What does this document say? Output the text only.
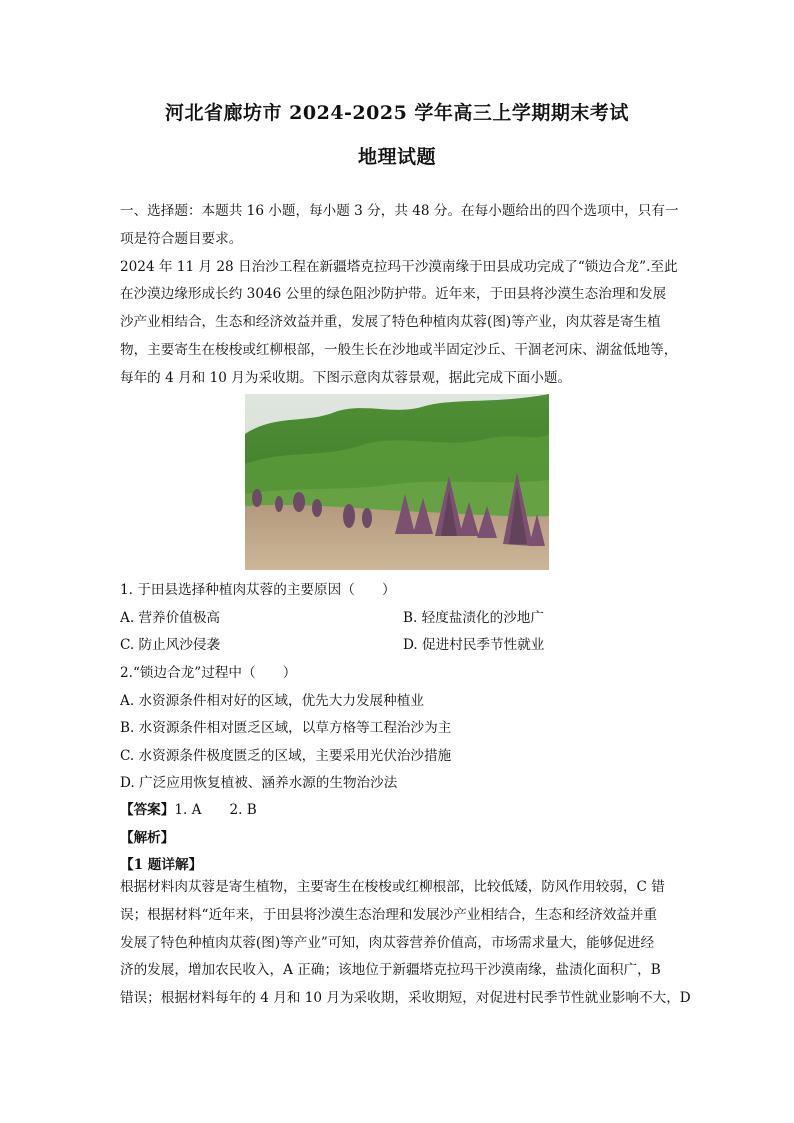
河北省廊坊市 2024-2025 学年高三上学期期末考试
地理试题

一、选择题：本题共 16 小题，每小题 3 分，共 48 分。在每小题给出的四个选项中，只有一

项是符合题目要求。

2024 年 11 月 28 日治沙工程在新疆塔克拉玛干沙漠南缘于田县成功完成了“锁边合龙”.至此

在沙漠边缘形成长约 3046 公里的绿色阻沙防护带。近年来，于田县将沙漠生态治理和发展

沙产业相结合，生态和经济效益并重，发展了特色种植肉苁蓉(图)等产业，肉苁蓉是寄生植

物，主要寄生在梭梭或红柳根部，一般生长在沙地或半固定沙丘、干涸老河床、湖盆低地等，

每年的 4 月和 10 月为采收期。下图示意肉苁蓉景观，据此完成下面小题。

1. 于田县选择种植肉苁蓉的主要原因（　　）
A. 营养价值极高	B. 轻度盐渍化的沙地广
C. 防止风沙侵袭	D. 促进村民季节性就业
2.“锁边合龙”过程中（　　）
A. 水资源条件相对好的区域，优先大力发展种植业
B. 水资源条件相对匮乏区域，以草方格等工程治沙为主
C. 水资源条件极度匮乏的区域，主要采用光伏治沙措施
D. 广泛应用恢复植被、涵养水源的生物治沙法
【答案】1. A 2. B
【解析】
【1 题详解】

根据材料肉苁蓉是寄生植物，主要寄生在梭梭或红柳根部，比较低矮，防风作用较弱，C 错

误；根据材料“近年来，于田县将沙漠生态治理和发展沙产业相结合，生态和经济效益并重

发展了特色种植肉苁蓉(图)等产业”可知，肉苁蓉营养价值高，市场需求量大，能够促进经

济的发展，增加农民收入，A 正确；该地位于新疆塔克拉玛干沙漠南缘，盐渍化面积广，B

错误；根据材料每年的 4 月和 10 月为采收期，采收期短，对促进村民季节性就业影响不大，D
